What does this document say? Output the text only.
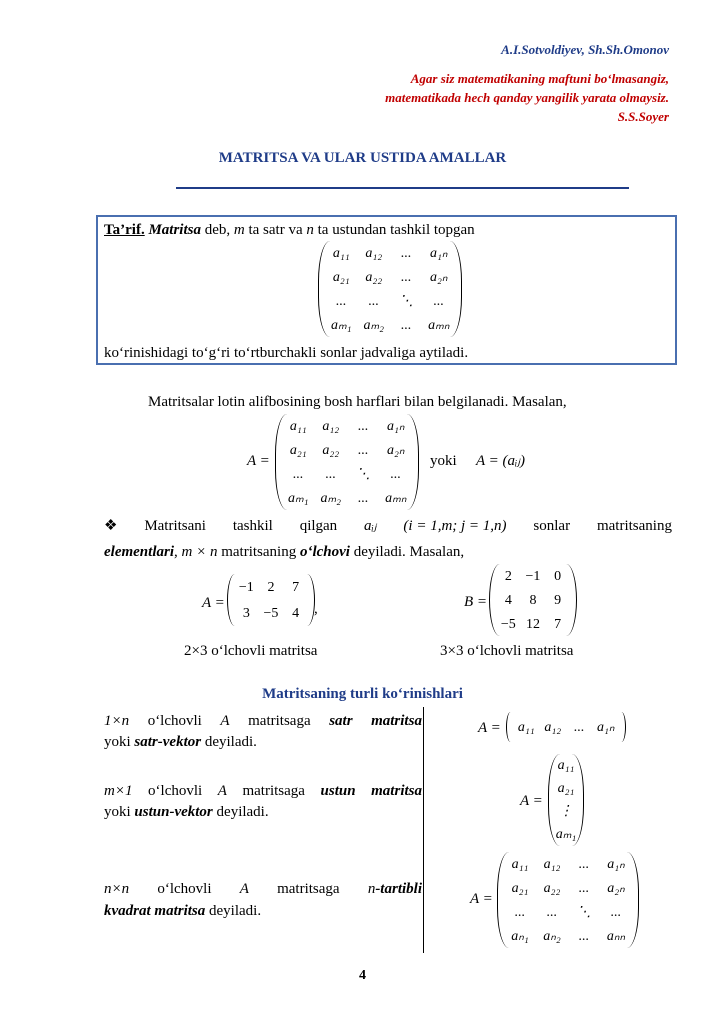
A.I.Sotvoldiyev, Sh.Sh.Omonov
Agar siz matematikaning maftuni bo‘lmasangiz,
matematikada hech qanday yangilik yarata olmaysiz.
S.S.Soyer
MATRITSA VA ULAR USTIDA AMALLAR
Ta’rif. Matritsa deb, m ta satr va n ta ustundan tashkil topgan
a₁₁	a₁₂	...	a₁ₙ
a₂₁	a₂₂	...	a₂ₙ
...	...	⋱	...
aₘ₁ aₘ₂	...	aₘₙ
ko‘rinishidagi to‘g‘ri to‘rtburchakli sonlar jadvaliga aytiladi.
Matritsalar lotin alifbosining bosh harflari bilan belgilanadi. Masalan,
A =
a₁₁	a₁₂	...	a₁ₙ
a₂₁	a₂₂	...	a₂ₙ
...	...	⋱	...
aₘ₁ aₘ₂	...	aₘₙ
yoki A = (aᵢⱼ)
❖ Matritsani tashkil qilgan aᵢⱼ (i = 1,m; j = 1,n) sonlar matritsaning
elementlari, m × n matritsaning o‘lchovi deyiladi. Masalan,
A =
−1 2	7
3 −5 4 ,
2×3 o‘lchovli matritsa
B =
2 −1 0
4	8	9
−5 12	7
3×3 o‘lchovli matritsa
Matritsaning turli ko‘rinishlari
1×n o‘lchovli A matritsaga satr matritsa
yoki satr-vektor deyiladi.
A =	a₁₁ a₁₂ ... a₁ₙ
m×1 o‘lchovli A matritsaga ustun matritsa
yoki ustun-vektor deyiladi.
A =
a₁₁
a₂₁
⋮
aₘ₁
n×n o‘lchovli A matritsaga n-tartibli
kvadrat matritsa deyiladi.
A =
a₁₁	a₁₂	...	a₁ₙ
a₂₁	a₂₂	...	a₂ₙ
...	...	⋱	...
aₙ₁	aₙ₂	...	aₙₙ
4
